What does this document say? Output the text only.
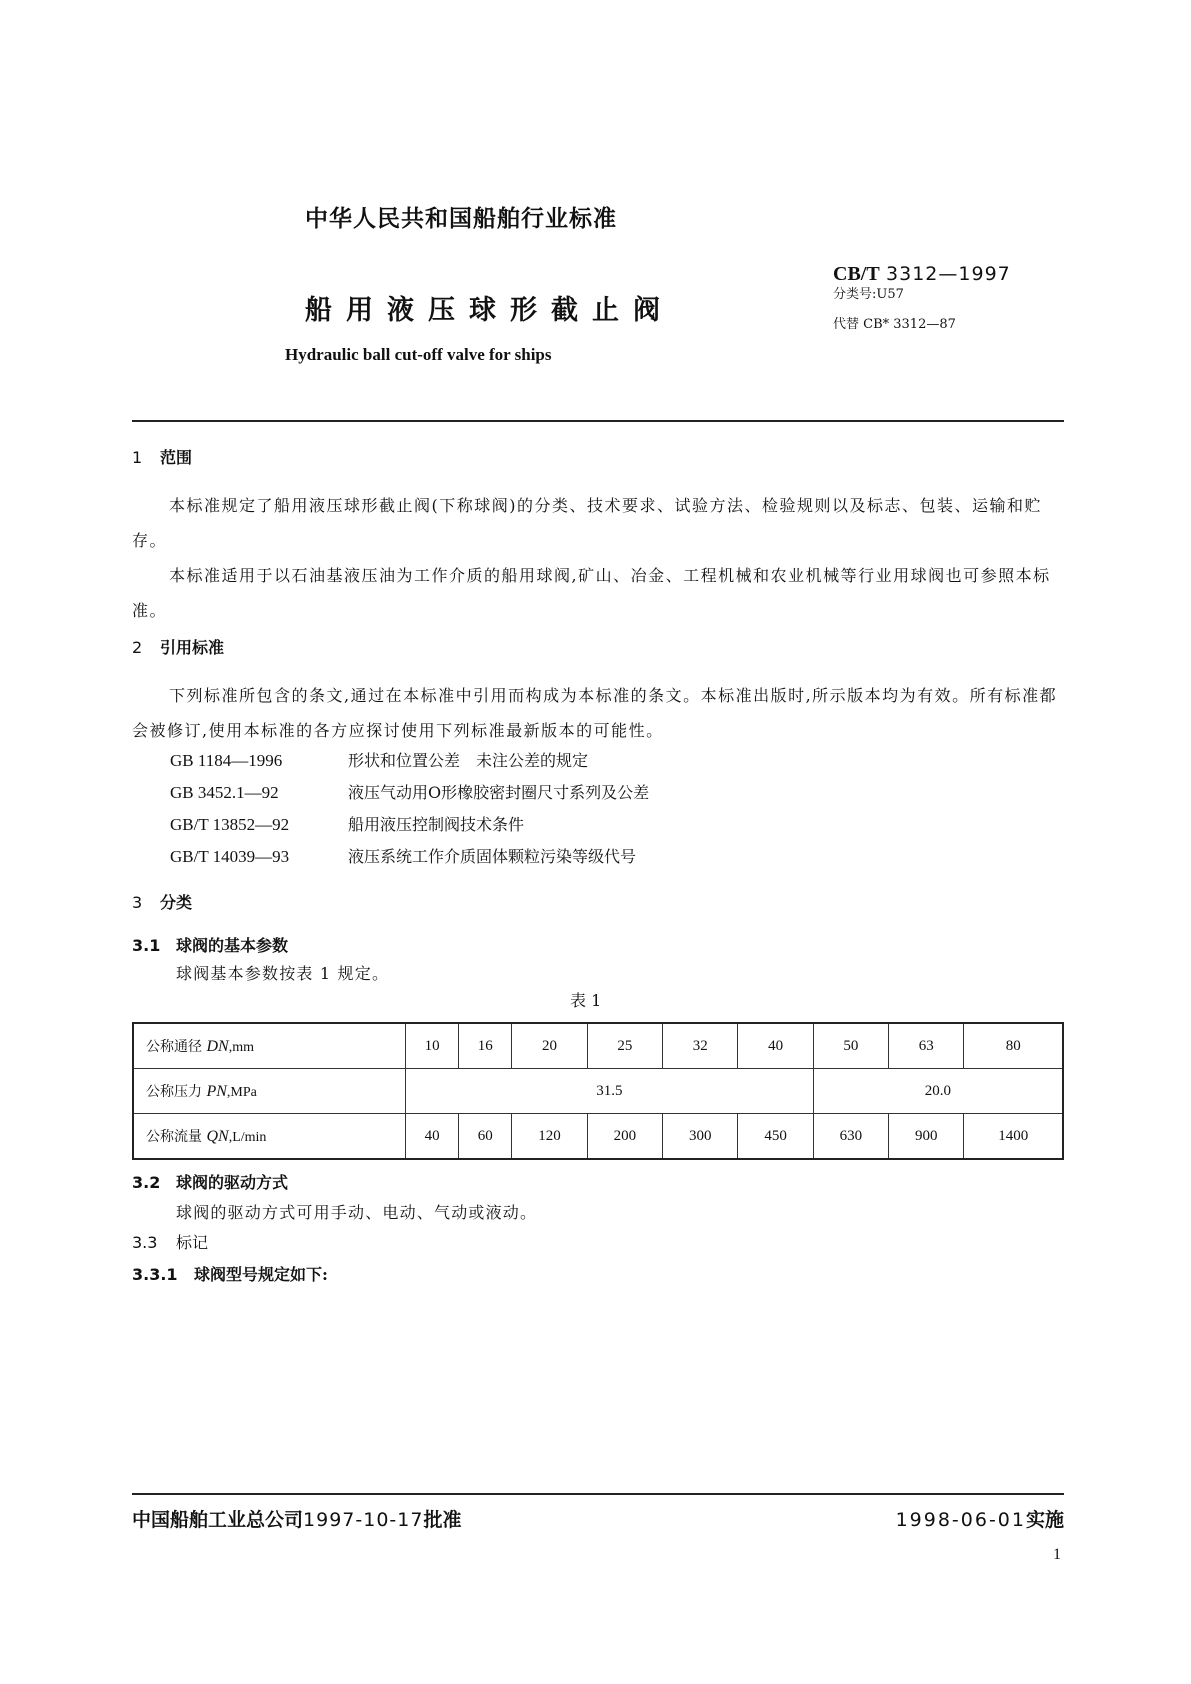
中华人民共和国船舶行业标准
船用液压球形截止阀
Hydraulic ball cut-off valve for ships
CB/T 3312—1997
分类号:U57
代替 CB* 3312—87
1 范围
本标准规定了船用液压球形截止阀(下称球阀)的分类、技术要求、试验方法、检验规则以及标志、包装、运输和贮存。
本标准适用于以石油基液压油为工作介质的船用球阀,矿山、冶金、工程机械和农业机械等行业用球阀也可参照本标准。
2 引用标准
下列标准所包含的条文,通过在本标准中引用而构成为本标准的条文。本标准出版时,所示版本均为有效。所有标准都会被修订,使用本标准的各方应探讨使用下列标准最新版本的可能性。
GB 1184—1996	形状和位置公差　未注公差的规定
GB 3452.1—92	液压气动用O形橡胶密封圈尺寸系列及公差
GB/T 13852—92	船用液压控制阀技术条件
GB/T 14039—93	液压系统工作介质固体颗粒污染等级代号
3 分类
3.1 球阀的基本参数
球阀基本参数按表 1 规定。
表 1
公称通径 DN,mm	10	16	20	25	32	40	50	63	80
公称压力 PN,MPa	31.5						20.0		
公称流量 QN,L/min	40	60	120	200	300	450	630	900	1400
3.2 球阀的驱动方式
球阀的驱动方式可用手动、电动、气动或液动。
3.3 标记
3.3.1 球阀型号规定如下:
中国船舶工业总公司1997-10-17批准	1998-06-01实施
1
